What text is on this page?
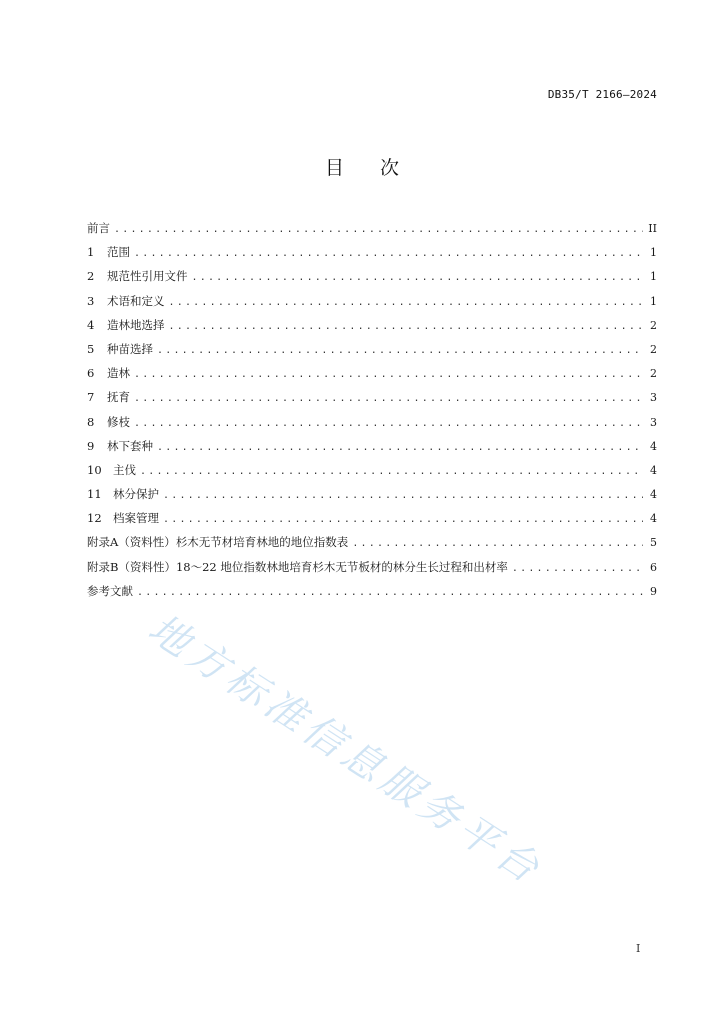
DB35/T 2166—2024
目 次
前言 .....	II
1	范围 .....	1
2	规范性引用文件 .....	1
3	术语和定义 .....	1
4	造林地选择 .....	2
5	种苗选择 .....	2
6	造林 .....	2
7	抚育 .....	3
8	修枝 .....	3
9	林下套种 .....	4
10 主伐 .....	4
11 林分保护 .....	4
12 档案管理 .....	4
附录A（资料性） 杉木无节材培育林地的地位指数表 .....	5
附录B（资料性） 18～22 地位指数林地培育杉木无节板材的林分生长过程和出材率 .....	6
参考文献 .....	9
地方标准信息服务平台
I
